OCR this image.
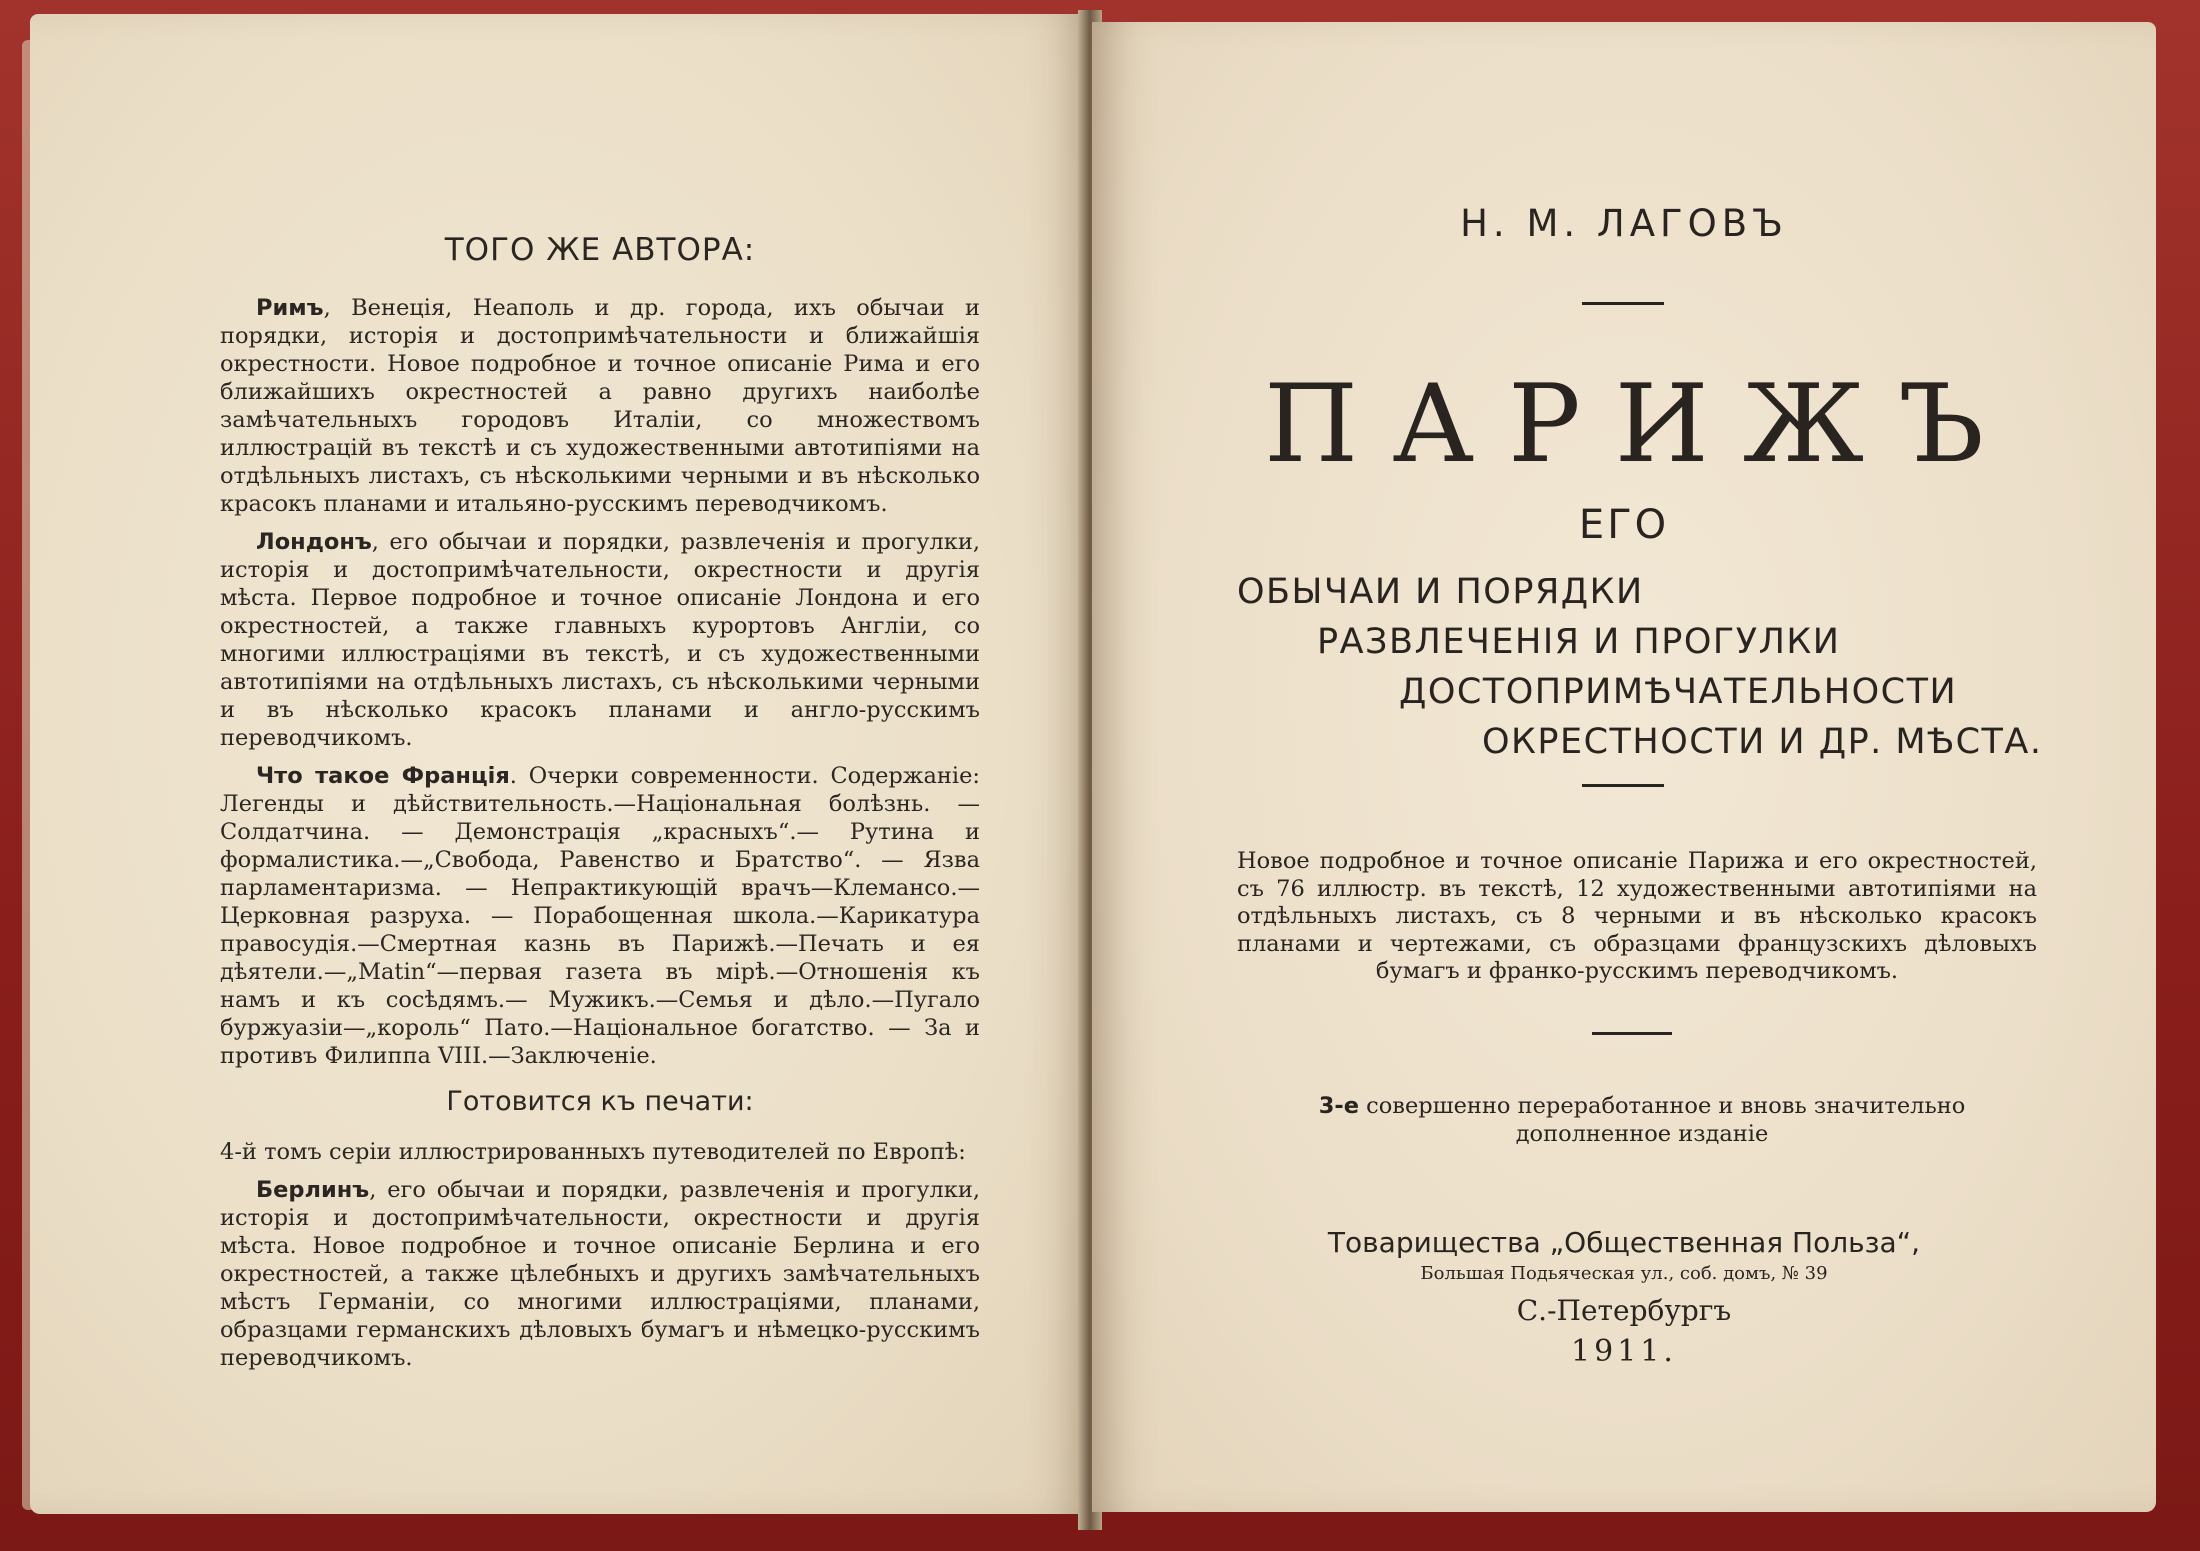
ТОГО ЖЕ АВТОРА:

Римъ, Венеція, Неаполь и др. города, ихъ обычаи и порядки, исторія и достопримѣчательности и ближайшія окрестности. Новое подробное и точное описаніе Рима и его ближайшихъ окрестностей а равно другихъ наиболѣе замѣчательныхъ городовъ Италіи, со множествомъ иллюстрацій въ текстѣ и съ художественными автотипіями на отдѣльныхъ листахъ, съ нѣсколькими черными и въ нѣсколько красокъ планами и итальяно-русскимъ переводчикомъ.

Лондонъ, его обычаи и порядки, развлеченія и прогулки, исторія и достопримѣчательности, окрестности и другія мѣста. Первое подробное и точное описаніе Лондона и его окрестностей, а также главныхъ курортовъ Англіи, со многими иллюстраціями въ текстѣ, и съ художественными автотипіями на отдѣльныхъ листахъ, съ нѣсколькими черными и въ нѣсколько красокъ планами и англо-русскимъ переводчикомъ.

Что такое Франція. Очерки современности. Содержаніе: Легенды и дѣйствительность.—Національная болѣзнь. — Солдатчина. — Демонстрація „красныхъ“.— Рутина и формалистика.—„Свобода, Равенство и Братство“. — Язва парламентаризма. — Непрактикующій врачъ—Клемансо.—Церковная разруха. — Порабощенная школа.—Карикатура правосудія.—Смертная казнь въ Парижѣ.—Печать и ея дѣятели.—„Matin“—первая газета въ мірѣ.—Отношенія къ намъ и къ сосѣдямъ.— Мужикъ.—Семья и дѣло.—Пугало буржуазіи—„король“ Пато.—Національное богатство. — За и противъ Филиппа VIII.—Заключеніе.

Готовится къ печати:

4-й томъ серіи иллюстрированныхъ путеводителей по Европѣ:

Берлинъ, его обычаи и порядки, развлеченія и прогулки, исторія и достопримѣчательности, окрестности и другія мѣста. Новое подробное и точное описаніе Берлина и его окрестностей, а также цѣлебныхъ и другихъ замѣчательныхъ мѣстъ Германіи, со многими иллюстраціями, планами, образцами германскихъ дѣловыхъ бумагъ и нѣмецко-русскимъ переводчикомъ.

Н. М. ЛАГОВЪ
ПАРИЖЪ
ЕГО
ОБЫЧАИ И ПОРЯДКИ
РАЗВЛЕЧЕНІЯ И ПРОГУЛКИ
ДОСТОПРИМѢЧАТЕЛЬНОСТИ
ОКРЕСТНОСТИ И ДР. МѢСТА.
Новое подробное и точное описаніе Парижа и его окрестностей, съ 76 иллюстр. въ текстѣ, 12 художественными автотипіями на отдѣльныхъ листахъ, съ 8 черными и въ нѣсколько красокъ планами и чертежами, съ образцами французскихъ дѣловыхъ бумагъ и франко-русскимъ переводчикомъ.
3-е совершенно переработанное и вновь значительно дополненное изданіе
Товарищества „Общественная Польза“,
Большая Подьяческая ул., соб. домъ, № 39
С.-Петербургъ
1911.
